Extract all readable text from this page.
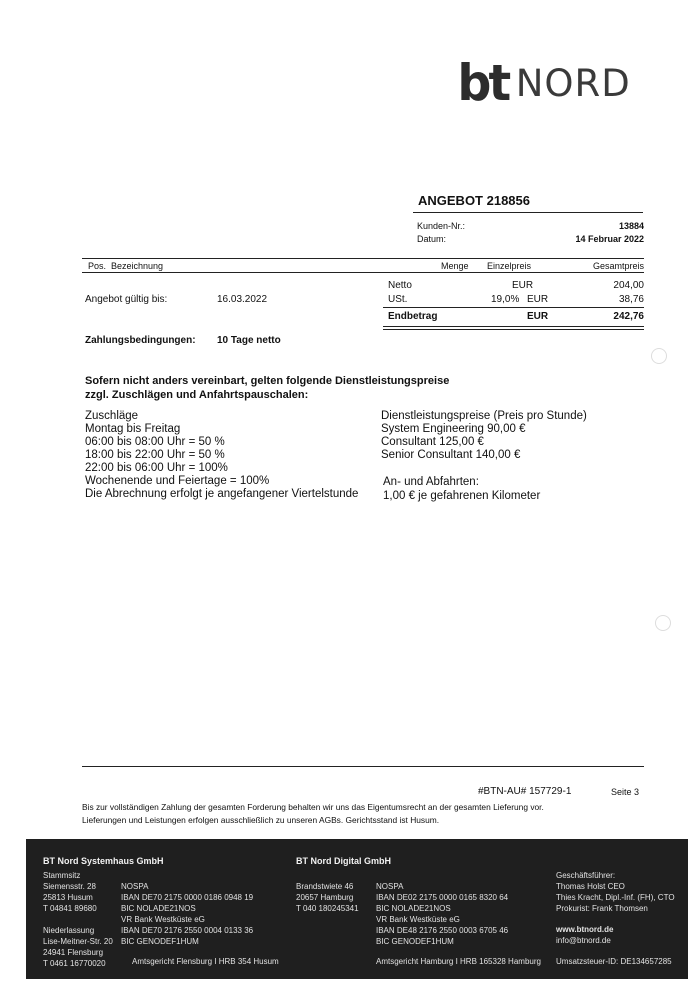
bt NORD
ANGEBOT 218856
Kunden-Nr.:	13884
Datum:	14 Februar 2022
Pos. Bezeichnung	Menge Einzelpreis	Gesamtpreis
Netto	EUR	204,00
Angebot gültig bis:	16.03.2022	USt.	19,0% EUR	38,76
Endbetrag	EUR	242,76
Zahlungsbedingungen: 10 Tage netto
Sofern nicht anders vereinbart, gelten folgende Dienstleistungspreise
zzgl. Zuschlägen und Anfahrtspauschalen:
Zuschläge
Montag bis Freitag
06:00 bis 08:00 Uhr = 50 %
18:00 bis 22:00 Uhr = 50 %
22:00 bis 06:00 Uhr = 100%
Wochenende und Feiertage = 100%
Die Abrechnung erfolgt je angefangener Viertelstunde
Dienstleistungspreise (Preis pro Stunde)
System Engineering 90,00 €
Consultant 125,00 €
Senior Consultant 140,00 €
An- und Abfahrten:
1,00 € je gefahrenen Kilometer
#BTN-AU# 157729-1	Seite 3
Bis zur vollständigen Zahlung der gesamten Forderung behalten wir uns das Eigentumsrecht an der gesamten Lieferung vor.
Lieferungen und Leistungen erfolgen ausschließlich zu unseren AGBs. Gerichtsstand ist Husum.
BT Nord Systemhaus GmbH
Stammsitz
Siemensstr. 28
25813 Husum
T 04841 89680
Niederlassung
Lise-Meitner-Str. 20
24941 Flensburg
T 0461 16770020
NOSPA
IBAN DE70 2175 0000 0186 0948 19
BIC NOLADE21NOS
VR Bank Westküste eG
IBAN DE70 2176 2550 0004 0133 36
BIC GENODEF1HUM
Amtsgericht Flensburg I HRB 354 Husum
BT Nord Digital GmbH
Brandstwiete 46
20657 Hamburg
T 040 180245341
NOSPA
IBAN DE02 2175 0000 0165 8320 64
BIC NOLADE21NOS
VR Bank Westküste eG
IBAN DE48 2176 2550 0003 6705 46
BIC GENODEF1HUM
Amtsgericht Hamburg I HRB 165328 Hamburg
Geschäftsführer:
Thomas Holst CEO
Thies Kracht, Dipl.-Inf. (FH), CTO
Prokurist: Frank Thomsen
www.btnord.de
info@btnord.de
Umsatzsteuer-ID: DE134657285
